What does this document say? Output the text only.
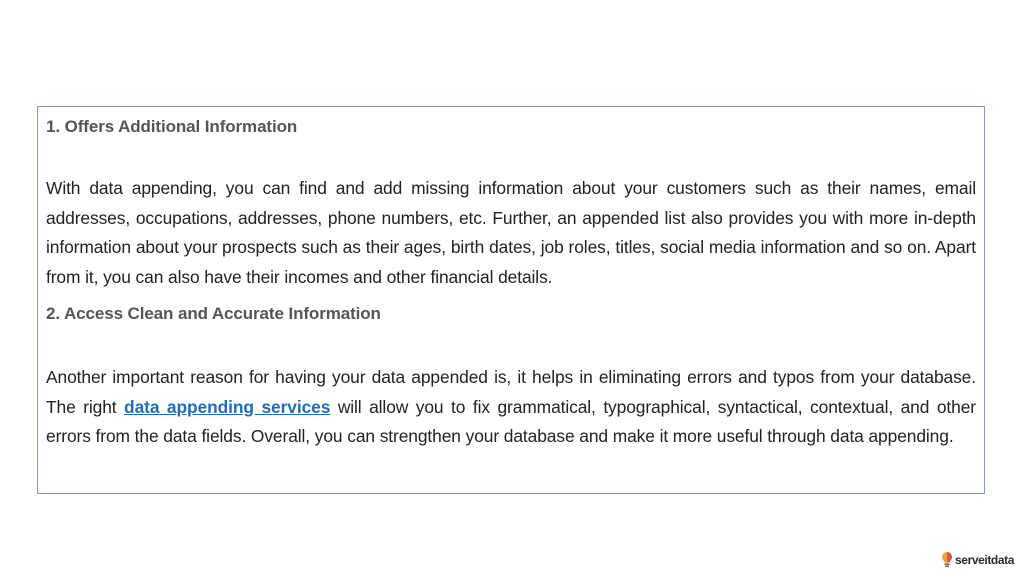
1. Offers Additional Information

With data appending, you can find and add missing information about your customers such as their names, email addresses, occupations, addresses, phone numbers, etc. Further, an appended list also provides you with more in-depth information about your prospects such as their ages, birth dates, job roles, titles, social media information and so on. Apart from it, you can also have their incomes and other financial details.

2. Access Clean and Accurate Information

Another important reason for having your data appended is, it helps in eliminating errors and typos from your database. The right data appending services will allow you to fix grammatical, typographical, syntactical, contextual, and other errors from the data fields. Overall, you can strengthen your database and make it more useful through data appending.

serveitdata
